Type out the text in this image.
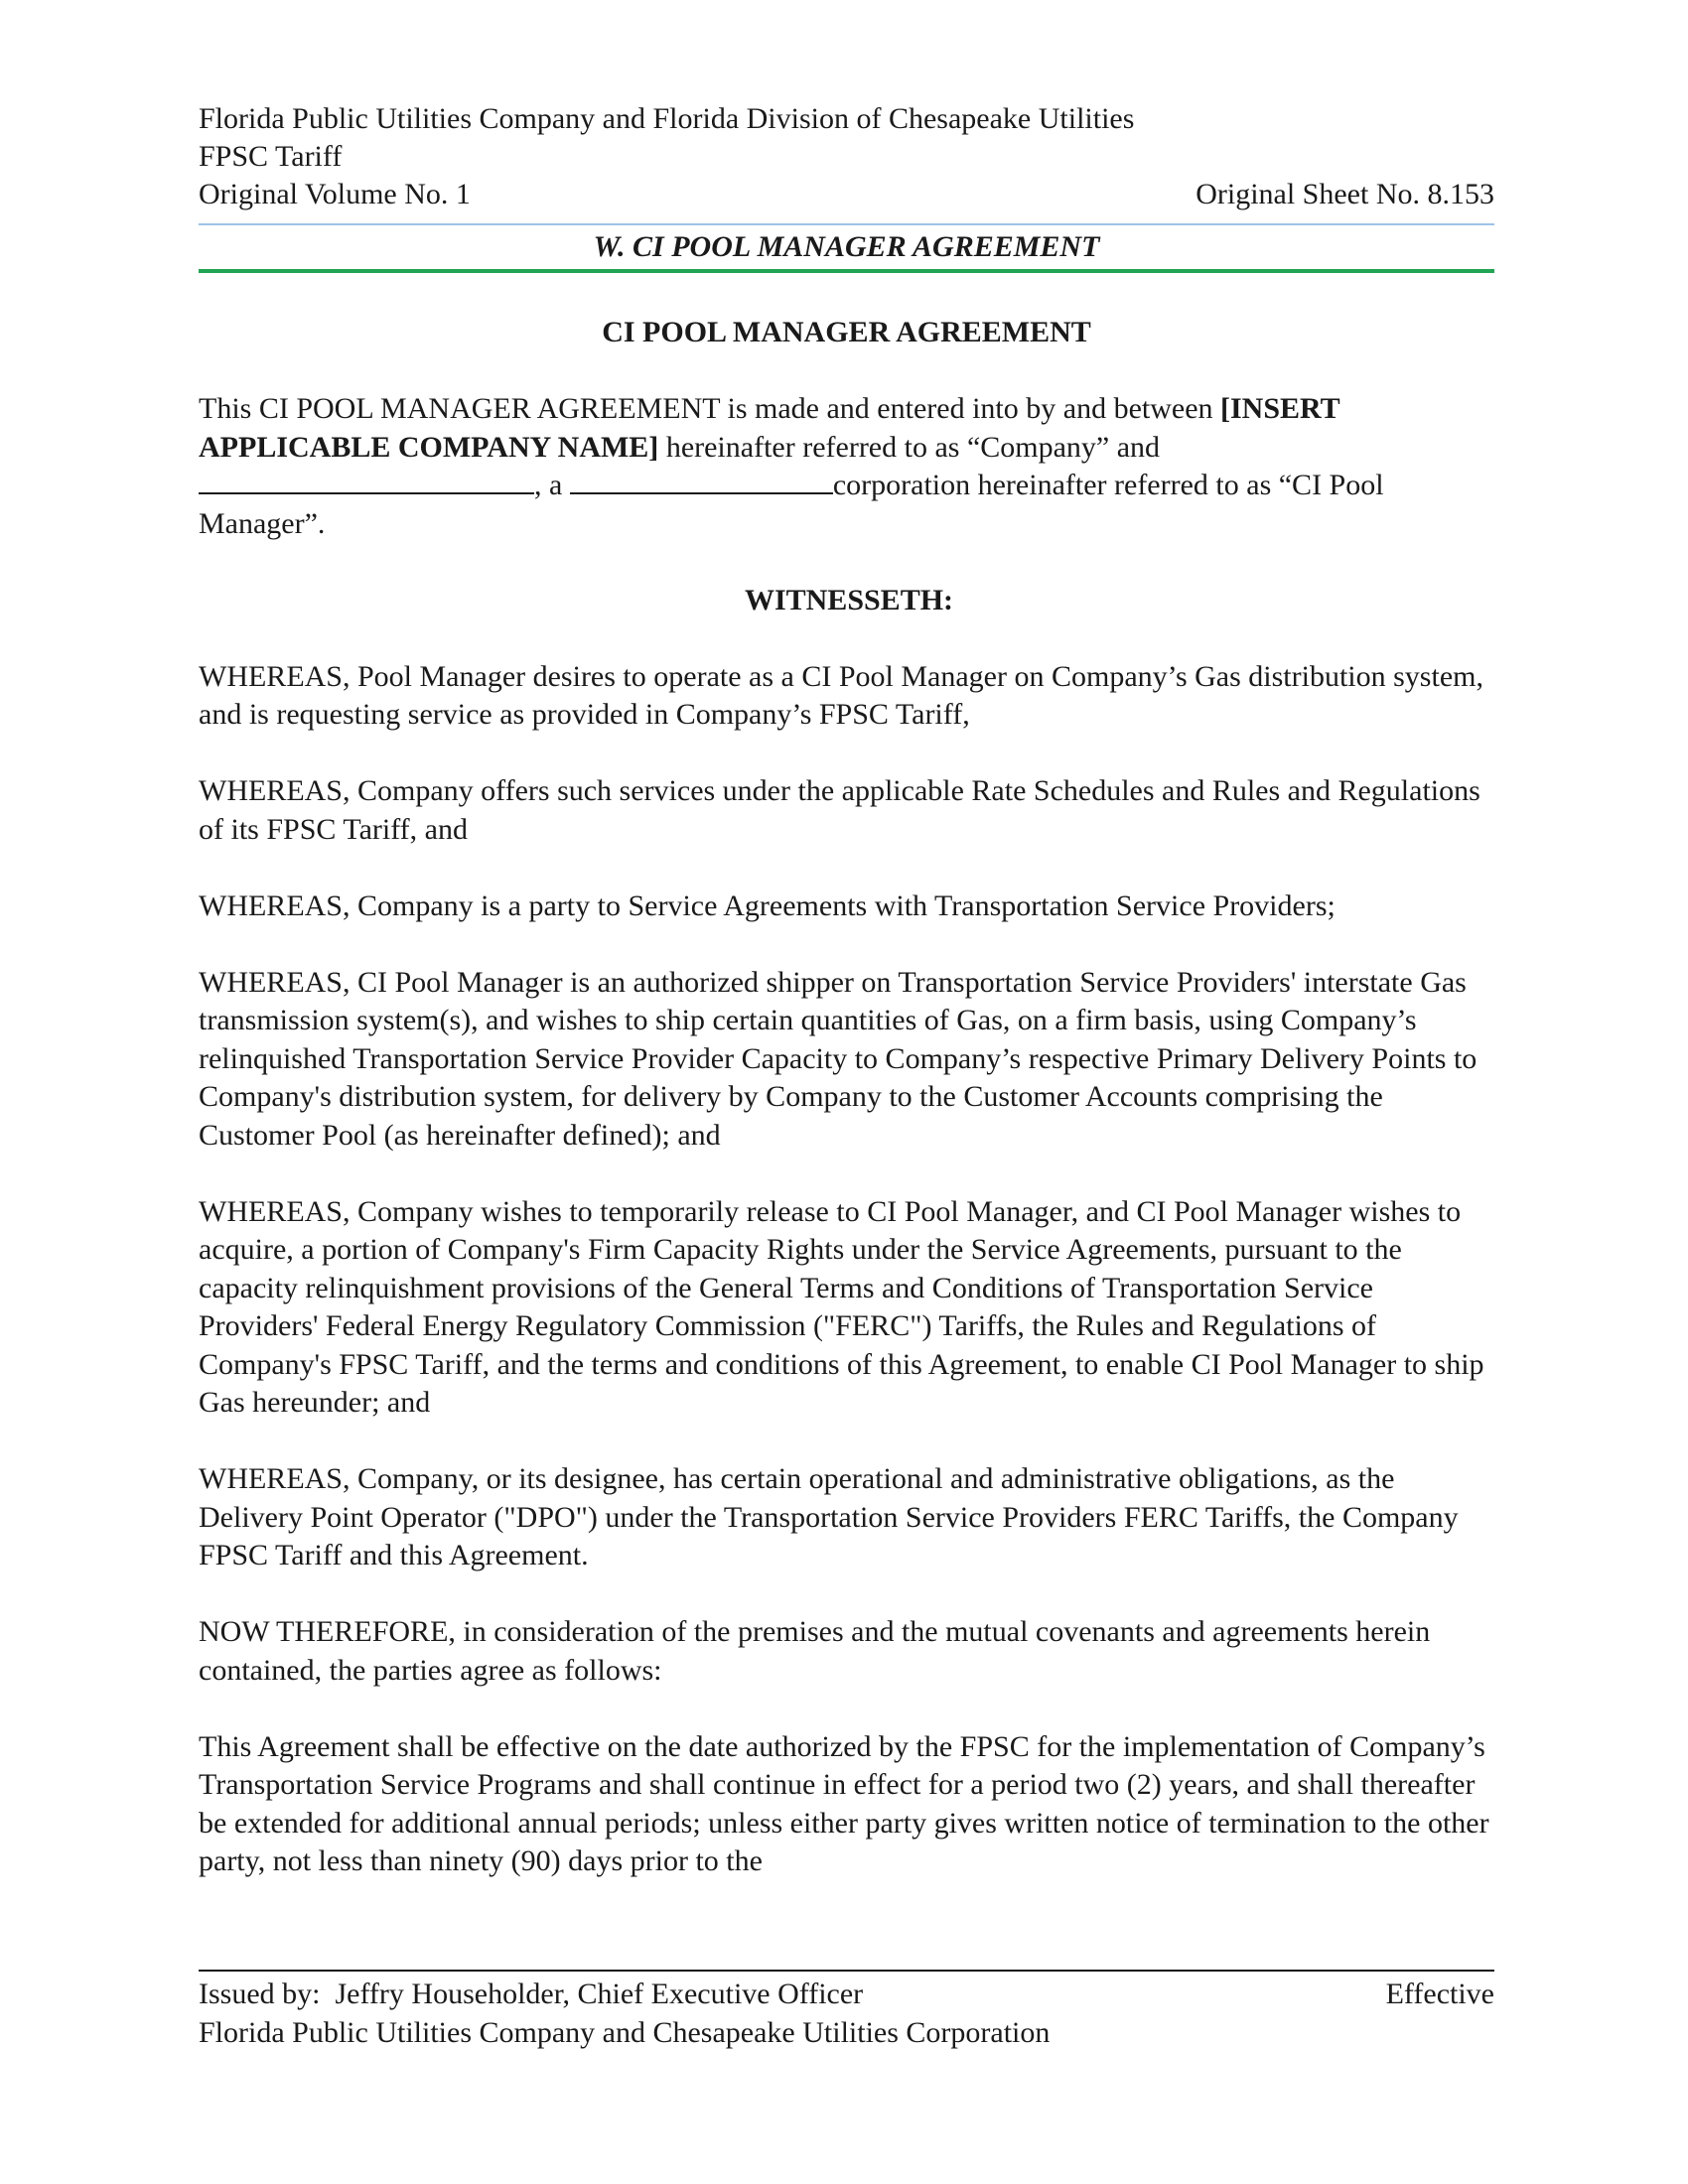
Florida Public Utilities Company and Florida Division of Chesapeake Utilities
FPSC Tariff
Original Volume No. 1	Original Sheet No. 8.153
W. CI POOL MANAGER AGREEMENT
CI POOL MANAGER AGREEMENT

This CI POOL MANAGER AGREEMENT is made and entered into by and between [INSERT APPLICABLE COMPANY NAME] hereinafter referred to as “Company” and , a	corporation hereinafter referred to as “CI Pool Manager”.

WITNESSETH:

WHEREAS, Pool Manager desires to operate as a CI Pool Manager on Company’s Gas distribution system, and is requesting service as provided in Company’s FPSC Tariff,

WHEREAS, Company offers such services under the applicable Rate Schedules and Rules and Regulations of its FPSC Tariff, and

WHEREAS, Company is a party to Service Agreements with Transportation Service Providers;

WHEREAS, CI Pool Manager is an authorized shipper on Transportation Service Providers' interstate Gas transmission system(s), and wishes to ship certain quantities of Gas, on a firm basis, using Company’s relinquished Transportation Service Provider Capacity to Company’s respective Primary Delivery Points to Company's distribution system, for delivery by Company to the Customer Accounts comprising the Customer Pool (as hereinafter defined); and

WHEREAS, Company wishes to temporarily release to CI Pool Manager, and CI Pool Manager wishes to acquire, a portion of Company's Firm Capacity Rights under the Service Agreements, pursuant to the capacity relinquishment provisions of the General Terms and Conditions of Transportation Service Providers' Federal Energy Regulatory Commission ("FERC") Tariffs, the Rules and Regulations of Company's FPSC Tariff, and the terms and conditions of this Agreement, to enable CI Pool Manager to ship Gas hereunder; and

WHEREAS, Company, or its designee, has certain operational and administrative obligations, as the Delivery Point Operator ("DPO") under the Transportation Service Providers FERC Tariffs, the Company FPSC Tariff and this Agreement.

NOW THEREFORE, in consideration of the premises and the mutual covenants and agreements herein contained, the parties agree as follows:

This Agreement shall be effective on the date authorized by the FPSC for the implementation of Company’s Transportation Service Programs and shall continue in effect for a period two (2) years, and shall thereafter be extended for additional annual periods; unless either party gives written notice of termination to the other party, not less than ninety (90) days prior to the

Issued by:  Jeffry Householder, Chief Executive Officer	Effective
Florida Public Utilities Company and Chesapeake Utilities Corporation
